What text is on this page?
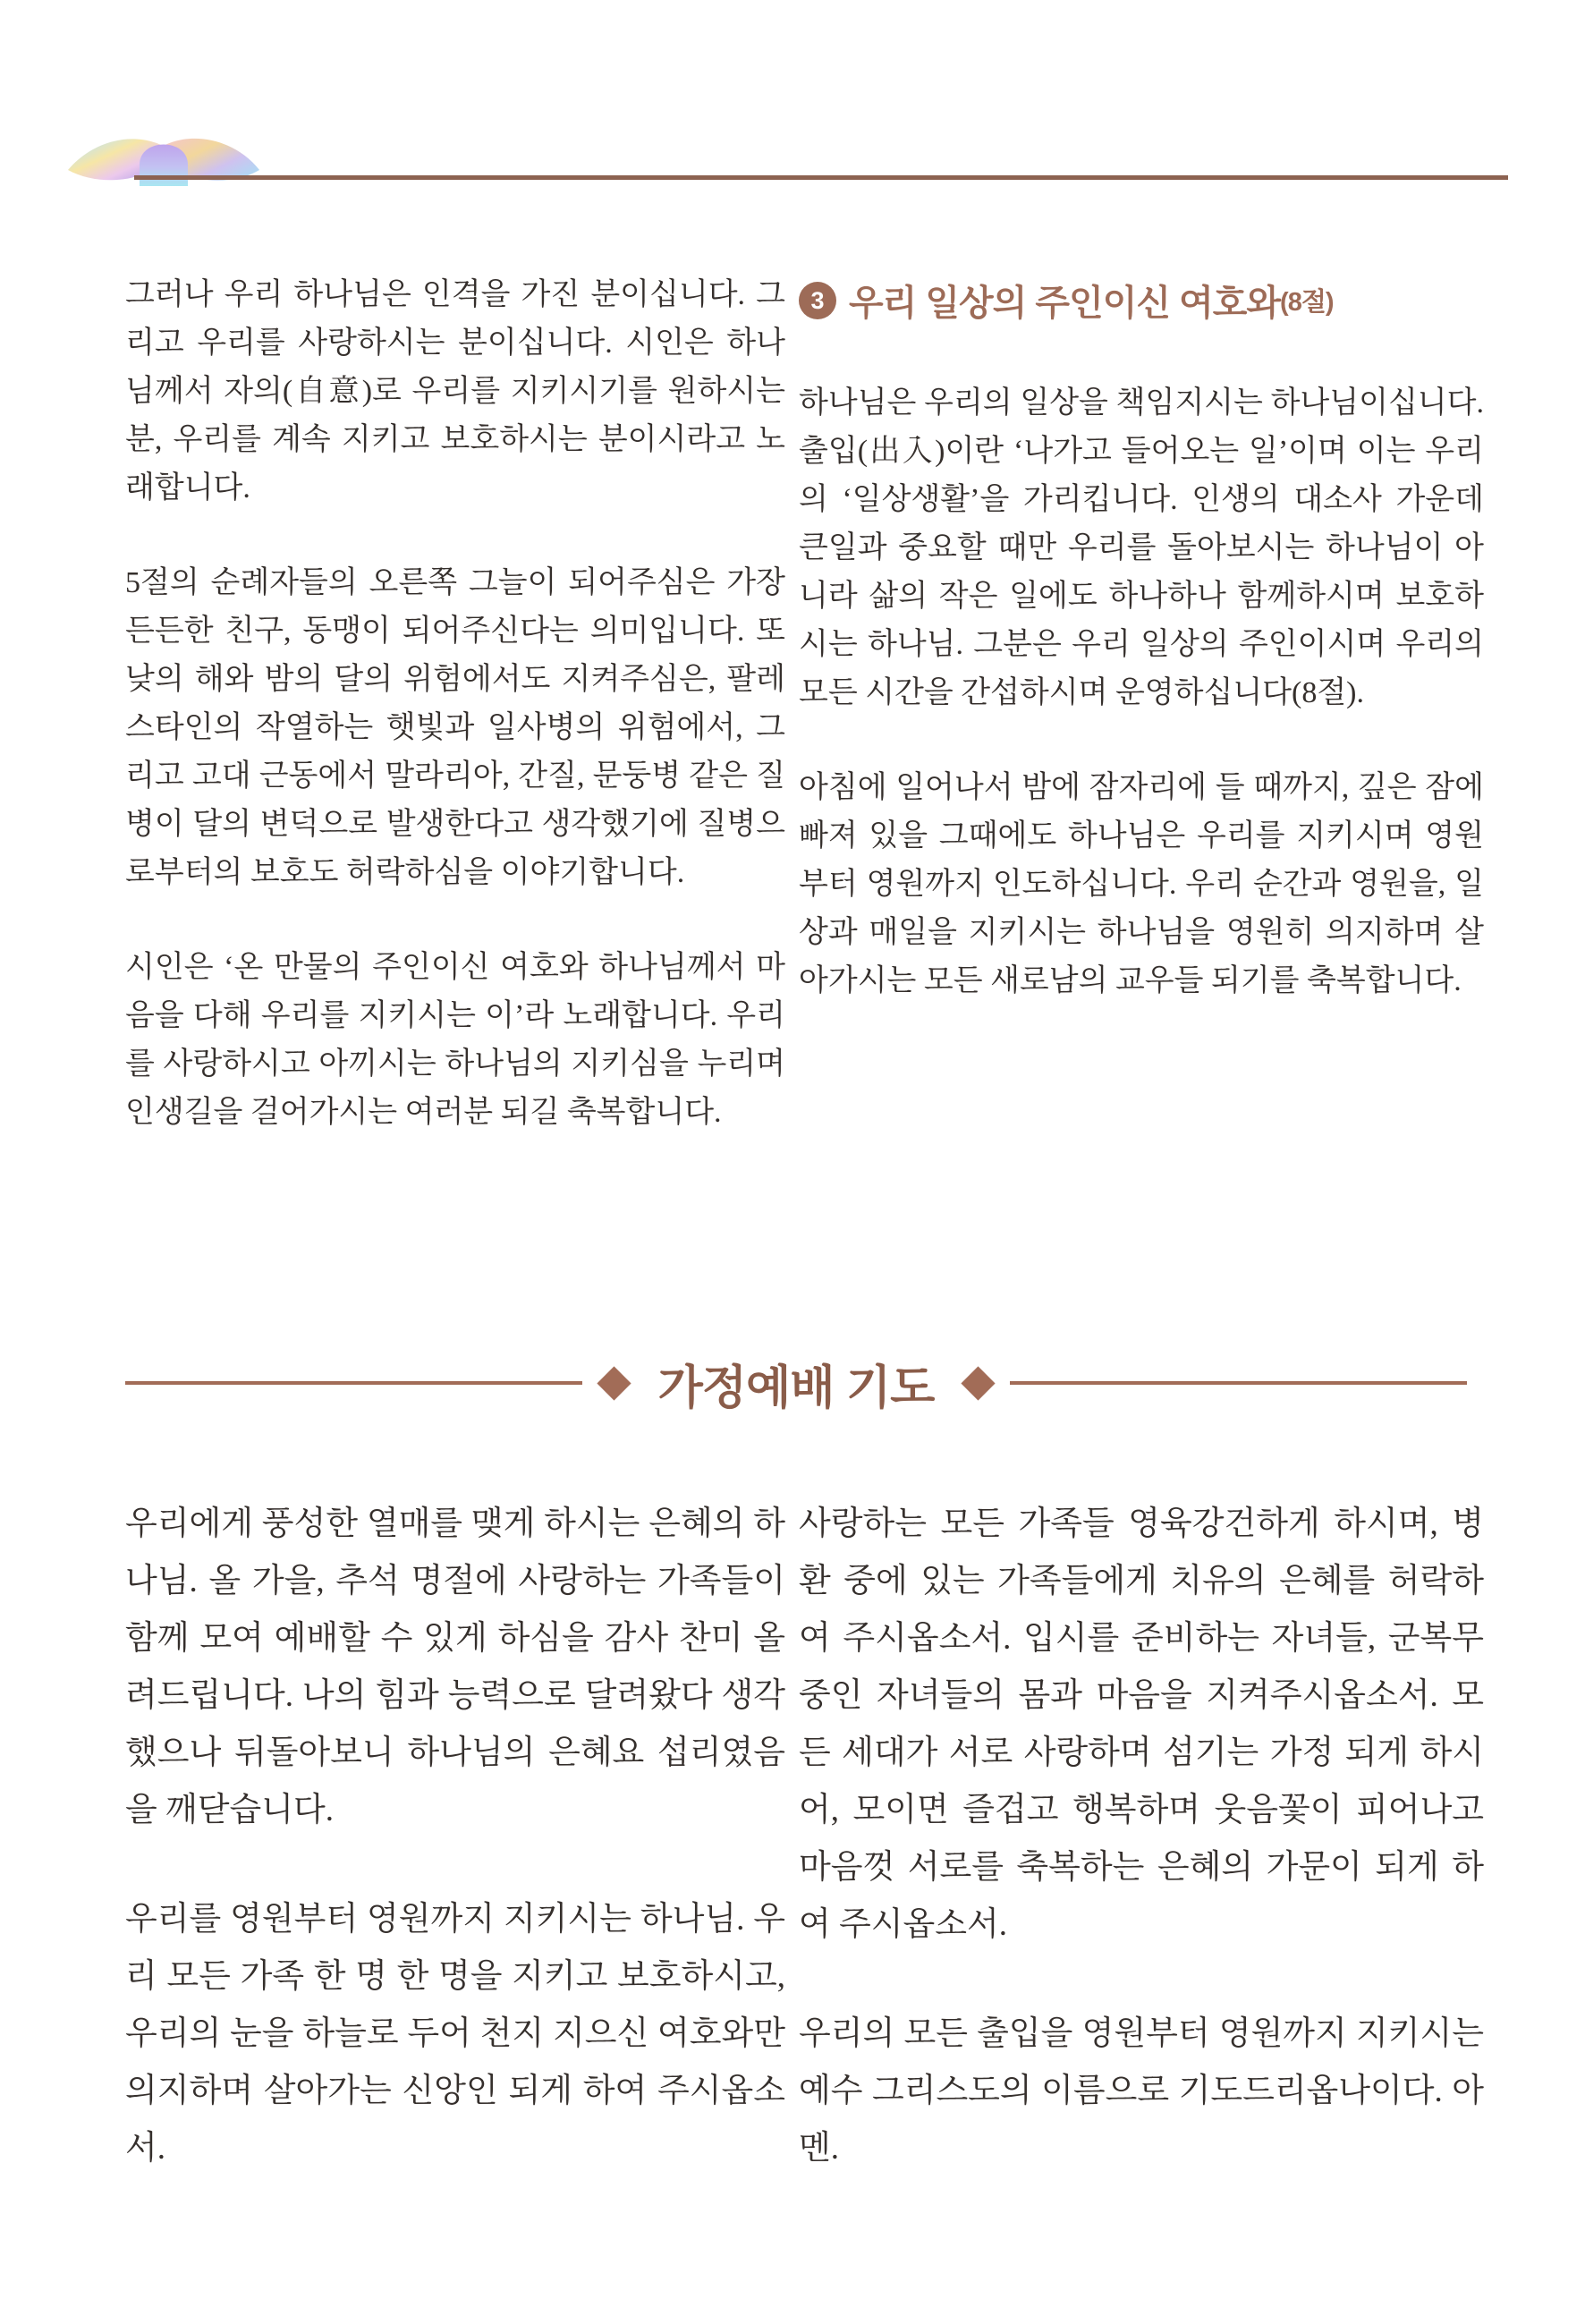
그러나 우리 하나님은 인격을 가진 분이십니다. 그리고 우리를 사랑하시는 분이십니다. 시인은 하나님께서 자의(自意)로 우리를 지키시기를 원하시는 분, 우리를 계속 지키고 보호하시는 분이시라고 노래합니다.

5절의 순례자들의 오른쪽 그늘이 되어주심은 가장 든든한 친구, 동맹이 되어주신다는 의미입니다. 또 낮의 해와 밤의 달의 위험에서도 지켜주심은, 팔레스타인의 작열하는 햇빛과 일사병의 위험에서, 그리고 고대 근동에서 말라리아, 간질, 문둥병 같은 질병이 달의 변덕으로 발생한다고 생각했기에 질병으로부터의 보호도 허락하심을 이야기합니다.

시인은 ‘온 만물의 주인이신 여호와 하나님께서 마음을 다해 우리를 지키시는 이’라 노래합니다. 우리를 사랑하시고 아끼시는 하나님의 지키심을 누리며 인생길을 걸어가시는 여러분 되길 축복합니다.

3 우리 일상의 주인이신 여호와 (8절)

하나님은 우리의 일상을 책임지시는 하나님이십니다. 출입(出入)이란 ‘나가고 들어오는 일’이며 이는 우리의 ‘일상생활’을 가리킵니다. 인생의 대소사 가운데 큰일과 중요할 때만 우리를 돌아보시는 하나님이 아니라 삶의 작은 일에도 하나하나 함께하시며 보호하시는 하나님. 그분은 우리 일상의 주인이시며 우리의 모든 시간을 간섭하시며 운영하십니다(8절).

아침에 일어나서 밤에 잠자리에 들 때까지, 깊은 잠에 빠져 있을 그때에도 하나님은 우리를 지키시며 영원부터 영원까지 인도하십니다. 우리 순간과 영원을, 일상과 매일을 지키시는 하나님을 영원히 의지하며 살아가시는 모든 새로남의 교우들 되기를 축복합니다.

가정예배 기도

우리에게 풍성한 열매를 맺게 하시는 은혜의 하나님. 올 가을, 추석 명절에 사랑하는 가족들이 함께 모여 예배할 수 있게 하심을 감사 찬미 올려드립니다. 나의 힘과 능력으로 달려왔다 생각했으나 뒤돌아보니 하나님의 은혜요 섭리였음을 깨닫습니다.

우리를 영원부터 영원까지 지키시는 하나님. 우리 모든 가족 한 명 한 명을 지키고 보호하시고, 우리의 눈을 하늘로 두어 천지 지으신 여호와만 의지하며 살아가는 신앙인 되게 하여 주시옵소서.

사랑하는 모든 가족들 영육강건하게 하시며, 병환 중에 있는 가족들에게 치유의 은혜를 허락하여 주시옵소서. 입시를 준비하는 자녀들, 군복무 중인 자녀들의 몸과 마음을 지켜주시옵소서. 모든 세대가 서로 사랑하며 섬기는 가정 되게 하시어, 모이면 즐겁고 행복하며 웃음꽃이 피어나고 마음껏 서로를 축복하는 은혜의 가문이 되게 하여 주시옵소서.

우리의 모든 출입을 영원부터 영원까지 지키시는 예수 그리스도의 이름으로 기도드리옵나이다. 아멘.
